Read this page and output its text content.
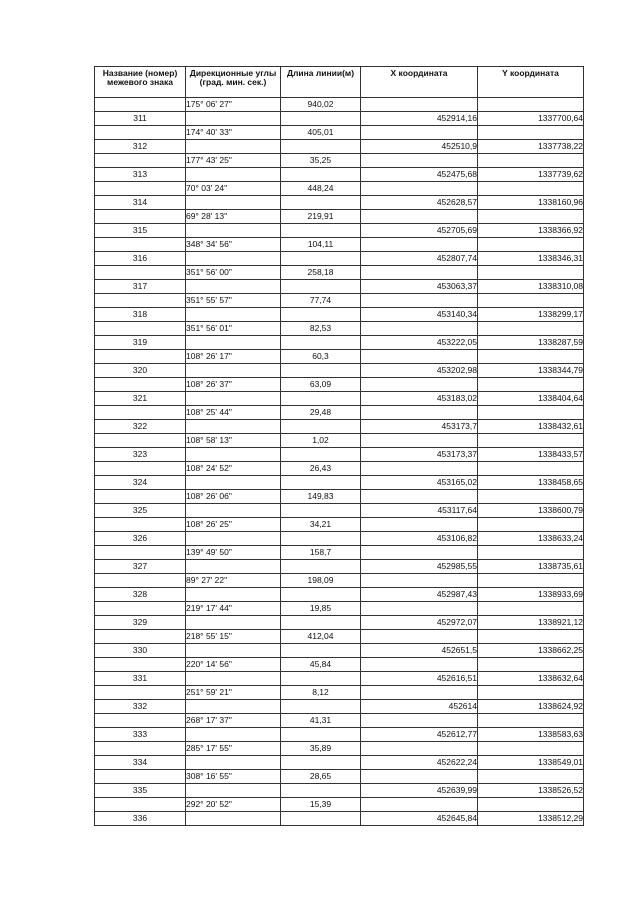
Название (номер) межевого знака	Дирекционные углы (град. мин. сек.)	Длина линии(м)	X координата	Y координата
	175° 06' 27"	940,02		
311			452914,16	1337700,64
	174° 40' 33"	405,01		
312			452510,9	1337738,22
	177° 43' 25"	35,25		
313			452475,68	1337739,62
	70° 03' 24"	448,24		
314			452628,57	1338160,96
	69° 28' 13"	219,91		
315			452705,69	1338366,92
	348° 34' 56"	104,11		
316			452807,74	1338346,31
	351° 56' 00"	258,18		
317			453063,37	1338310,08
	351° 55' 57"	77,74		
318			453140,34	1338299,17
	351° 56' 01"	82,53		
319			453222,05	1338287,59
	108° 26' 17"	60,3		
320			453202,98	1338344,79
	108° 26' 37"	63,09		
321			453183,02	1338404,64
	108° 25' 44"	29,48		
322			453173,7	1338432,61
	108° 58' 13"	1,02		
323			453173,37	1338433,57
	108° 24' 52"	26,43		
324			453165,02	1338458,65
	108° 26' 06"	149,83		
325			453117,64	1338600,79
	108° 26' 25"	34,21		
326			453106,82	1338633,24
	139° 49' 50"	158,7		
327			452985,55	1338735,61
	89° 27' 22"	198,09		
328			452987,43	1338933,69
	219° 17' 44"	19,85		
329			452972,07	1338921,12
	218° 55' 15"	412,04		
330			452651,5	1338662,25
	220° 14' 56"	45,84		
331			452616,51	1338632,64
	251° 59' 21"	8,12		
332			452614	1338624,92
	268° 17' 37"	41,31		
333			452612,77	1338583,63
	285° 17' 55"	35,89		
334			452622,24	1338549,01
	308° 16' 55"	28,65		
335			452639,99	1338526,52
	292° 20' 52"	15,39		
336			452645,84	1338512,29
